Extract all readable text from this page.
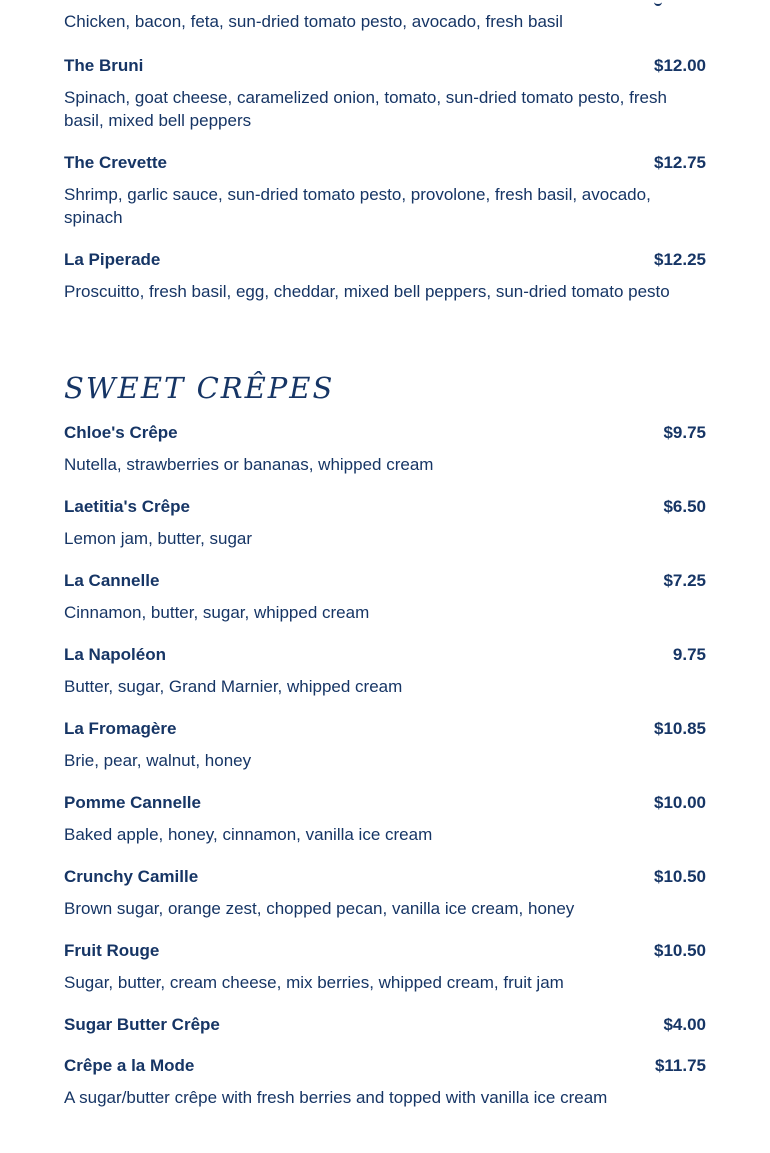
Chicken, bacon, feta, sun-dried tomato pesto, avocado, fresh basil
The Bruni	$12.00
Spinach, goat cheese, caramelized onion, tomato, sun-dried tomato pesto, fresh basil, mixed bell peppers
The Crevette	$12.75
Shrimp, garlic sauce, sun-dried tomato pesto, provolone, fresh basil, avocado, spinach
La Piperade	$12.25
Proscuitto, fresh basil, egg, cheddar, mixed bell peppers, sun-dried tomato pesto
SWEET CRÊPES
Chloe's Crêpe	$9.75
Nutella, strawberries or bananas, whipped cream
Laetitia's Crêpe	$6.50
Lemon jam, butter, sugar
La Cannelle	$7.25
Cinnamon, butter, sugar, whipped cream
La Napoléon	9.75
Butter, sugar, Grand Marnier, whipped cream
La Fromagère	$10.85
Brie, pear, walnut, honey
Pomme Cannelle	$10.00
Baked apple, honey, cinnamon, vanilla ice cream
Crunchy Camille	$10.50
Brown sugar, orange zest, chopped pecan, vanilla ice cream, honey
Fruit Rouge	$10.50
Sugar, butter, cream cheese, mix berries, whipped cream, fruit jam
Sugar Butter Crêpe	$4.00
Crêpe a la Mode	$11.75
A sugar/butter crêpe with fresh berries and topped with vanilla ice cream
